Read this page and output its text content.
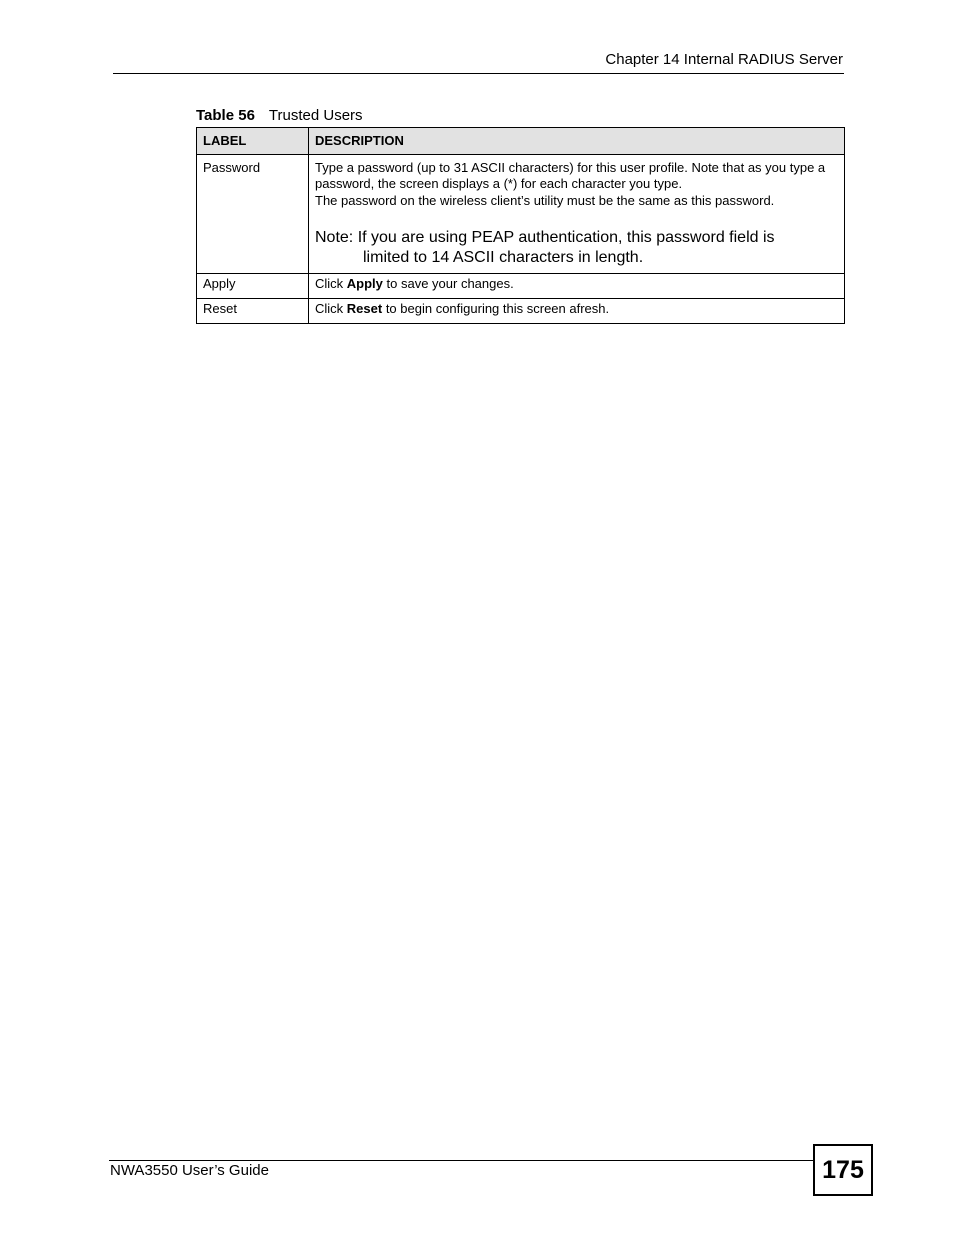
Chapter 14 Internal RADIUS Server
Table 56 Trusted Users
LABEL	DESCRIPTION
Password	Type a password (up to 31 ASCII characters) for this user profile. Note that as you type a password, the screen displays a (*) for each character you type.
The password on the wireless client’s utility must be the same as this password.
Note: If you are using PEAP authentication, this password field is
limited to 14 ASCII characters in length.

Apply	Click Apply to save your changes.
Reset	Click Reset to begin configuring this screen afresh.
NWA3550 User’s Guide	175
